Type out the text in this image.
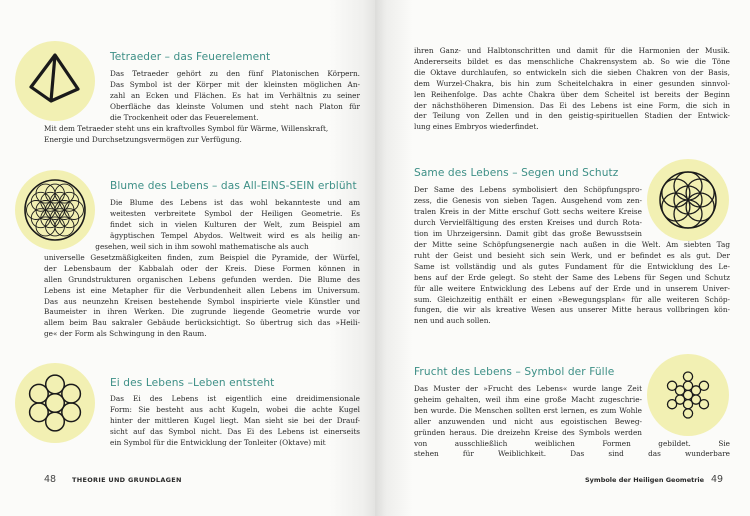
Tetraeder – das Feuerelement
Das Tetraeder gehört zu den fünf Platonischen Körpern.
Das Symbol ist der Körper mit der kleinsten möglichen An-
zahl an Ecken und Flächen. Es hat im Verhältnis zu seiner
Oberfläche das kleinste Volumen und steht nach Platon für
die Trockenheit oder das Feuerelement.
Mit dem Tetraeder steht uns ein kraftvolles Symbol für Wärme, Willenskraft,
Energie und Durchsetzungsvermögen zur Verfügung.
Blume des Lebens – das All-EINS-SEIN erblüht
Die Blume des Lebens ist das wohl bekannteste und am
weitesten verbreitete Symbol der Heiligen Geometrie. Es
findet sich in vielen Kulturen der Welt, zum Beispiel am
ägyptischen Tempel Abydos. Weltweit wird es als heilig an-
gesehen, weil sich in ihm sowohl mathematische als auch
universelle Gesetzmäßigkeiten finden, zum Beispiel die Pyramide, der Würfel,
der Lebensbaum der Kabbalah oder der Kreis. Diese Formen können in
allen Grundstrukturen organischen Lebens gefunden werden. Die Blume des
Lebens ist eine Metapher für die Verbundenheit allen Lebens im Universum.
Das aus neunzehn Kreisen bestehende Symbol inspirierte viele Künstler und
Baumeister in ihren Werken. Die zugrunde liegende Geometrie wurde vor
allem beim Bau sakraler Gebäude berücksichtigt. So übertrug sich das »Heili-
ge« der Form als Schwingung in den Raum.
Ei des Lebens –Leben entsteht
Das Ei des Lebens ist eigentlich eine dreidimensionale
Form: Sie besteht aus acht Kugeln, wobei die achte Kugel
hinter der mittleren Kugel liegt. Man sieht sie bei der Drauf-
sicht auf das Symbol nicht. Das Ei des Lebens ist einerseits
ein Symbol für die Entwicklung der Tonleiter (Oktave) mit
48 THEORIE UND GRUNDLAGEN
ihren Ganz- und Halbtonschritten und damit für die Harmonien der Musik.
Andererseits bildet es das menschliche Chakrensystem ab. So wie die Töne
die Oktave durchlaufen, so entwickeln sich die sieben Chakren von der Basis,
dem Wurzel-Chakra, bis hin zum Scheitelchakra in einer gesunden sinnvol-
len Reihenfolge. Das achte Chakra über dem Scheitel ist bereits der Beginn
der nächsthöheren Dimension. Das Ei des Lebens ist eine Form, die sich in
der Teilung von Zellen und in den geistig-spirituellen Stadien der Entwick-
lung eines Embryos wiederfindet.
Same des Lebens – Segen und Schutz
Der Same des Lebens symbolisiert den Schöpfungspro-
zess, die Genesis von sieben Tagen. Ausgehend vom zen-
tralen Kreis in der Mitte erschuf Gott sechs weitere Kreise
durch Vervielfältigung des ersten Kreises und durch Rota-
tion im Uhrzeigersinn. Damit gibt das große Bewusstsein
der Mitte seine Schöpfungsenergie nach außen in die Welt. Am siebten Tag
ruht der Geist und besieht sich sein Werk, und er befindet es als gut. Der
Same ist vollständig und als gutes Fundament für die Entwicklung des Le-
bens auf der Erde gelegt. So steht der Same des Lebens für Segen und Schutz
für alle weitere Entwicklung des Lebens auf der Erde und in unserem Univer-
sum. Gleichzeitig enthält er einen »Bewegungsplan« für alle weiteren Schöp-
fungen, die wir als kreative Wesen aus unserer Mitte heraus vollbringen kön-
nen und auch sollen.
Frucht des Lebens – Symbol der Fülle
Das Muster der »Frucht des Lebens« wurde lange Zeit
geheim gehalten, weil ihm eine große Macht zugeschrie-
ben wurde. Die Menschen sollten erst lernen, es zum Wohle
aller anzuwenden und nicht aus egoistischen Beweg-
gründen heraus. Die dreizehn Kreise des Symbols werden
von ausschließlich weiblichen Formen gebildet. Sie
stehen für Weiblichkeit. Das sind das wunderbare
Symbole der Heiligen Geometrie 49
